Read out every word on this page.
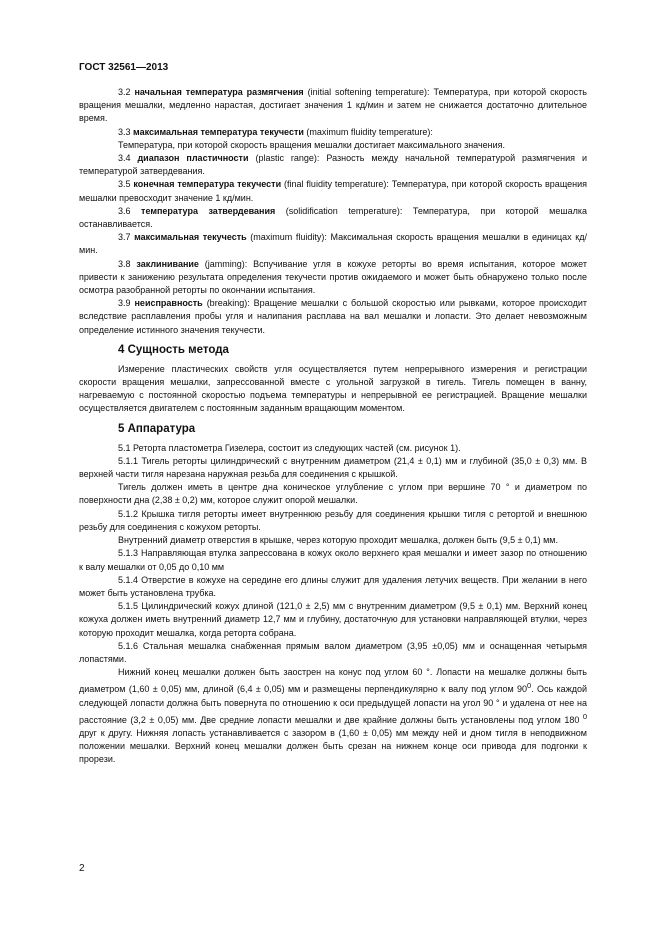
ГОСТ 32561—2013

3.2 начальная температура размягчения (initial softening temperature): Температура, при которой скорость вращения мешалки, медленно нарастая, достигает значения 1 кд/мин и затем не снижается достаточно длительное время.

3.3 максимальная температура текучести (maximum fluidity temperature):

Температура, при которой скорость вращения мешалки достигает максимального значения.

3.4 диапазон пластичности (plastic range): Разность между начальной температурой размягчения и температурой затвердевания.

3.5 конечная температура текучести (final fluidity temperature): Температура, при которой скорость вращения мешалки превосходит значение 1 кд/мин.

3.6 температура затвердевания (solidification temperature): Температура, при которой мешалка останавливается.

3.7 максимальная текучесть (maximum fluidity): Максимальная скорость вращения мешалки в единицах кд/мин.

3.8 заклинивание (jamming): Вспучивание угля в кожухе реторты во время испытания, которое может привести к занижению результата определения текучести против ожидаемого и может быть обнаружено только после осмотра разобранной реторты по окончании испытания.

3.9 неисправность (breaking): Вращение мешалки с большой скоростью или рывками, которое происходит вследствие расплавления пробы угля и налипания расплава на вал мешалки и лопасти. Это делает невозможным определение истинного значения текучести.

4 Сущность метода

Измерение пластических свойств угля осуществляется путем непрерывного измерения и регистрации скорости вращения мешалки, запрессованной вместе с угольной загрузкой в тигель. Тигель помещен в ванну, нагреваемую с постоянной скоростью подъема температуры и непрерывной ее регистрацией. Вращение мешалки осуществляется двигателем с постоянным заданным вращающим моментом.

5 Аппаратура

5.1 Реторта пластометра Гизелера, состоит из следующих частей (см. рисунок 1).

5.1.1 Тигель реторты цилиндрический с внутренним диаметром (21,4 ± 0,1) мм и глубиной (35,0 ± 0,3) мм. В верхней части тигля нарезана наружная резьба для соединения с крышкой.

Тигель должен иметь в центре дна коническое углубление с углом при вершине 70 ° и диаметром по поверхности дна (2,38 ± 0,2) мм, которое служит опорой мешалки.

5.1.2 Крышка тигля реторты имеет внутреннюю резьбу для соединения крышки тигля с ретортой и внешнюю резьбу для соединения с кожухом реторты.

Внутренний диаметр отверстия в крышке, через которую проходит мешалка, должен быть (9,5 ± 0,1) мм.

5.1.3 Направляющая втулка запрессована в кожух около верхнего края мешалки и имеет зазор по отношению к валу мешалки от 0,05 до 0,10 мм

5.1.4 Отверстие в кожухе на середине его длины служит для удаления летучих веществ. При желании в него может быть установлена трубка.

5.1.5 Цилиндрический кожух длиной (121,0 ± 2,5) мм с внутренним диаметром (9,5 ± 0,1) мм. Верхний конец кожуха должен иметь внутренний диаметр 12,7 мм и глубину, достаточную для установки направляющей втулки, через которую проходит мешалка, когда реторта собрана.

5.1.6 Стальная мешалка снабженная прямым валом диаметром (3,95 ±0,05) мм и оснащенная четырьмя лопастями.

Нижний конец мешалки должен быть заострен на конус под углом 60 °. Лопасти на мешалке должны быть диаметром (1,60 ± 0,05) мм, длиной (6,4 ± 0,05) мм и размещены перпендикулярно к валу под углом $90^0$. Ось каждой следующей лопасти должна быть повернута по отношению к оси предыдущей лопасти на угол 90 ° и удалена от нее на расстояние (3,2 ± 0,05) мм. Две средние лопасти мешалки и две крайние должны быть установлены под углом 180 $^0$ друг к другу. Нижняя лопасть устанавливается с зазором в (1,60 ± 0,05) мм между ней и дном тигля в неподвижном положении мешалки. Верхний конец мешалки должен быть срезан на нижнем конце оси привода для подгонки к прорези.

2
